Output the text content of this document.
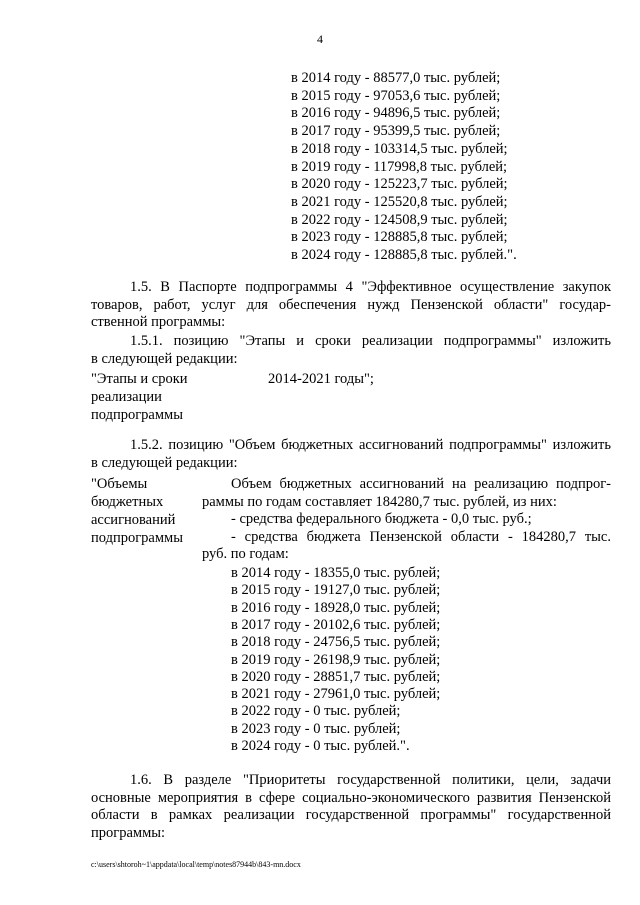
4
в 2014 году - 88577,0 тыс. рублей;
в 2015 году - 97053,6 тыс. рублей;
в 2016 году - 94896,5 тыс. рублей;
в 2017 году - 95399,5 тыс. рублей;
в 2018 году - 103314,5 тыс. рублей;
в 2019 году - 117998,8 тыс. рублей;
в 2020 году - 125223,7 тыс. рублей;
в 2021 году - 125520,8 тыс. рублей;
в 2022 году - 124508,9 тыс. рублей;
в 2023 году - 128885,8 тыс. рублей;
в 2024 году - 128885,8 тыс. рублей.".

1.5. В Паспорте подпрограммы 4 "Эффективное осуществление закупок

товаров, работ, услуг для обеспечения нужд Пензенской области" государ-

ственной программы:

1.5.1. позицию "Этапы и сроки реализации подпрограммы" изложить

в следующей редакции:

"Этапы и сроки
реализации
подпрограммы
2014-2021 годы";

1.5.2. позицию "Объем бюджетных ассигнований подпрограммы" изложить

в следующей редакции:

"Объемы
бюджетных
ассигнований
подпрограммы

Объем бюджетных ассигнований на реализацию подпрог-

раммы по годам составляет 184280,7 тыс. рублей, из них:

- средства федерального бюджета - 0,0 тыс. руб.;

- средства бюджета Пензенской области - 184280,7 тыс.

руб. по годам:

в 2014 году - 18355,0 тыс. рублей;
в 2015 году - 19127,0 тыс. рублей;
в 2016 году - 18928,0 тыс. рублей;
в 2017 году - 20102,6 тыс. рублей;
в 2018 году - 24756,5 тыс. рублей;
в 2019 году - 26198,9 тыс. рублей;
в 2020 году - 28851,7 тыс. рублей;
в 2021 году - 27961,0 тыс. рублей;
в 2022 году - 0 тыс. рублей;
в 2023 году - 0 тыс. рублей;
в 2024 году - 0 тыс. рублей.".

1.6. В разделе "Приоритеты государственной политики, цели, задачи

основные мероприятия в сфере социально-экономического развития Пензенской

области в рамках реализации государственной программы" государственной

программы:

c:\users\shtoroh~1\appdata\local\temp\notes87944b\843-mn.docx
